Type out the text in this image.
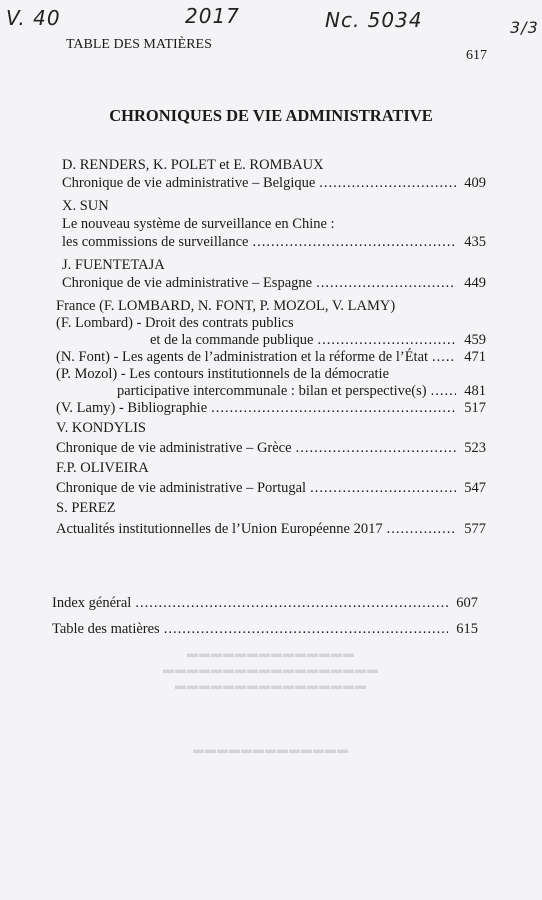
V. 40	2017	Nc. 5034	3/3
TABLE DES MATIÈRES
617
CHRONIQUES DE VIE ADMINISTRATIVE
D. RENDERS, K. POLET et E. ROMBAUX
Chronique de vie administrative – Belgique .....	409
X. SUN
Le nouveau système de surveillance en Chine :
les commissions de surveillance .....	435
J. FUENTETAJA
Chronique de vie administrative – Espagne .....	449
France (F. LOMBARD, N. FONT, P. MOZOL, V. LAMY)
(F. Lombard) - Droit des contrats publics
et de la commande publique .....	459
(N. Font) - Les agents de l’administration et la réforme de l’État ..... 471
(P. Mozol) - Les contours institutionnels de la démocratie
participative intercommunale : bilan et perspective(s) .....	481
(V. Lamy) - Bibliographie .....	517
V. KONDYLIS
Chronique de vie administrative – Grèce .....	523
F.P. OLIVEIRA
Chronique de vie administrative – Portugal .....	547
S. PEREZ
Actualités institutionnelles de l’Union Européenne 2017 .....	577
Index général .....	607
Table des matières .....	615
▬▬▬▬▬▬▬▬▬▬▬▬▬▬
▬▬▬▬▬▬▬▬▬▬▬▬▬▬▬▬▬▬
▬▬▬▬▬▬▬▬▬▬▬▬▬▬▬▬
▬▬▬▬▬▬▬▬▬▬▬▬▬
